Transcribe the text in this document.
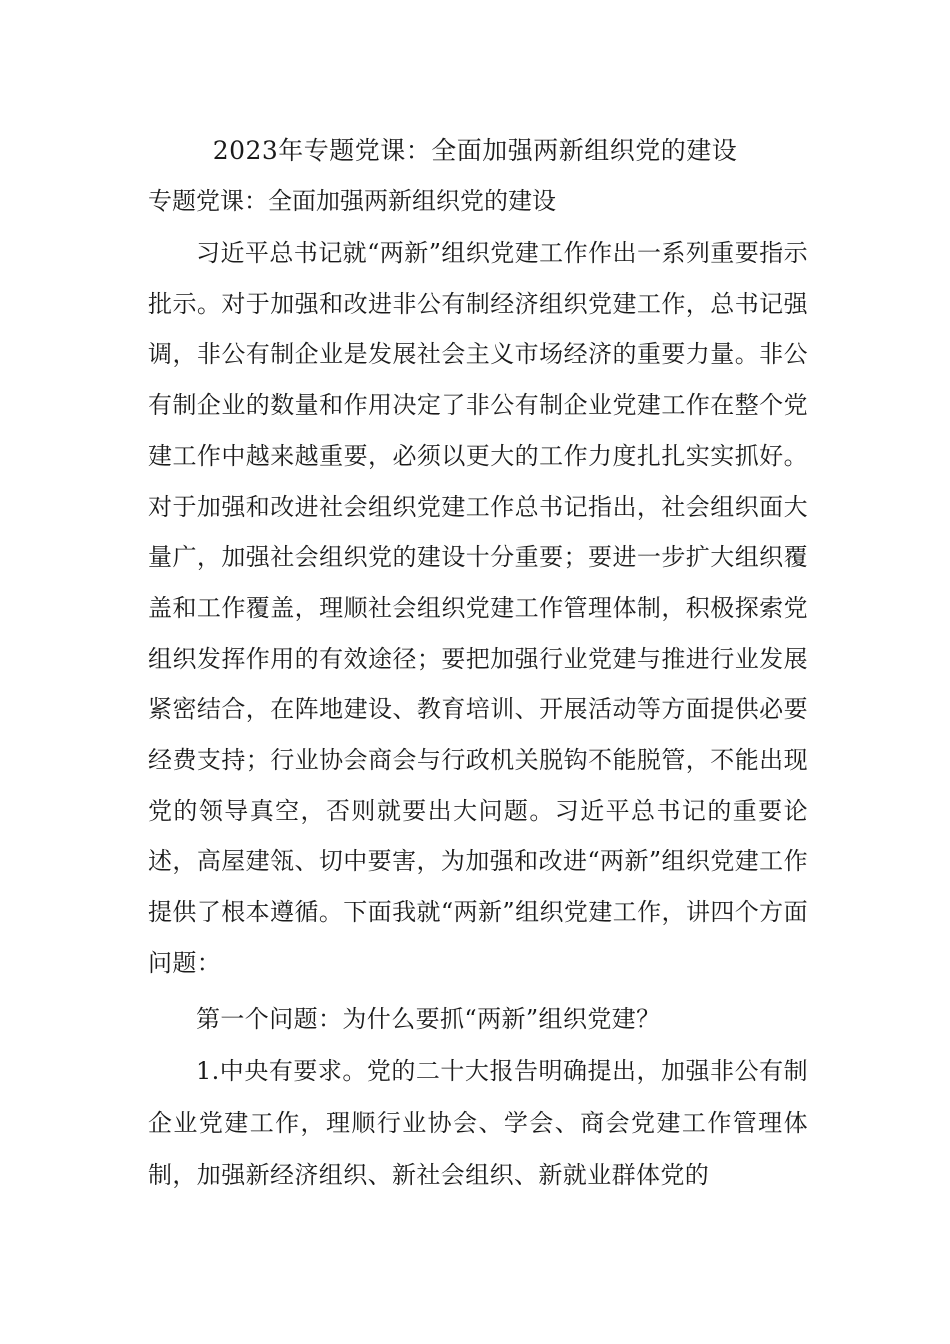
2023年专题党课：全面加强两新组织党的建设
专题党课：全面加强两新组织党的建设

习近平总书记就“两新”组织党建工作作出一系列重要指示批示。对于加强和改进非公有制经济组织党建工作，总书记强调，非公有制企业是发展社会主义市场经济的重要力量。非公有制企业的数量和作用决定了非公有制企业党建工作在整个党建工作中越来越重要，必须以更大的工作力度扎扎实实抓好。对于加强和改进社会组织党建工作总书记指出，社会组织面大量广，加强社会组织党的建设十分重要；要进一步扩大组织覆盖和工作覆盖，理顺社会组织党建工作管理体制，积极探索党组织发挥作用的有效途径；要把加强行业党建与推进行业发展紧密结合，在阵地建设、教育培训、开展活动等方面提供必要经费支持；行业协会商会与行政机关脱钩不能脱管，不能出现党的领导真空，否则就要出大问题。习近平总书记的重要论述，高屋建瓴、切中要害，为加强和改进“两新”组织党建工作提供了根本遵循。下面我就“两新”组织党建工作，讲四个方面问题：

第一个问题：为什么要抓“两新”组织党建？

1.中央有要求。党的二十大报告明确提出，加强非公有制企业党建工作，理顺行业协会、学会、商会党建工作管理体制，加强新经济组织、新社会组织、新就业群体党的
